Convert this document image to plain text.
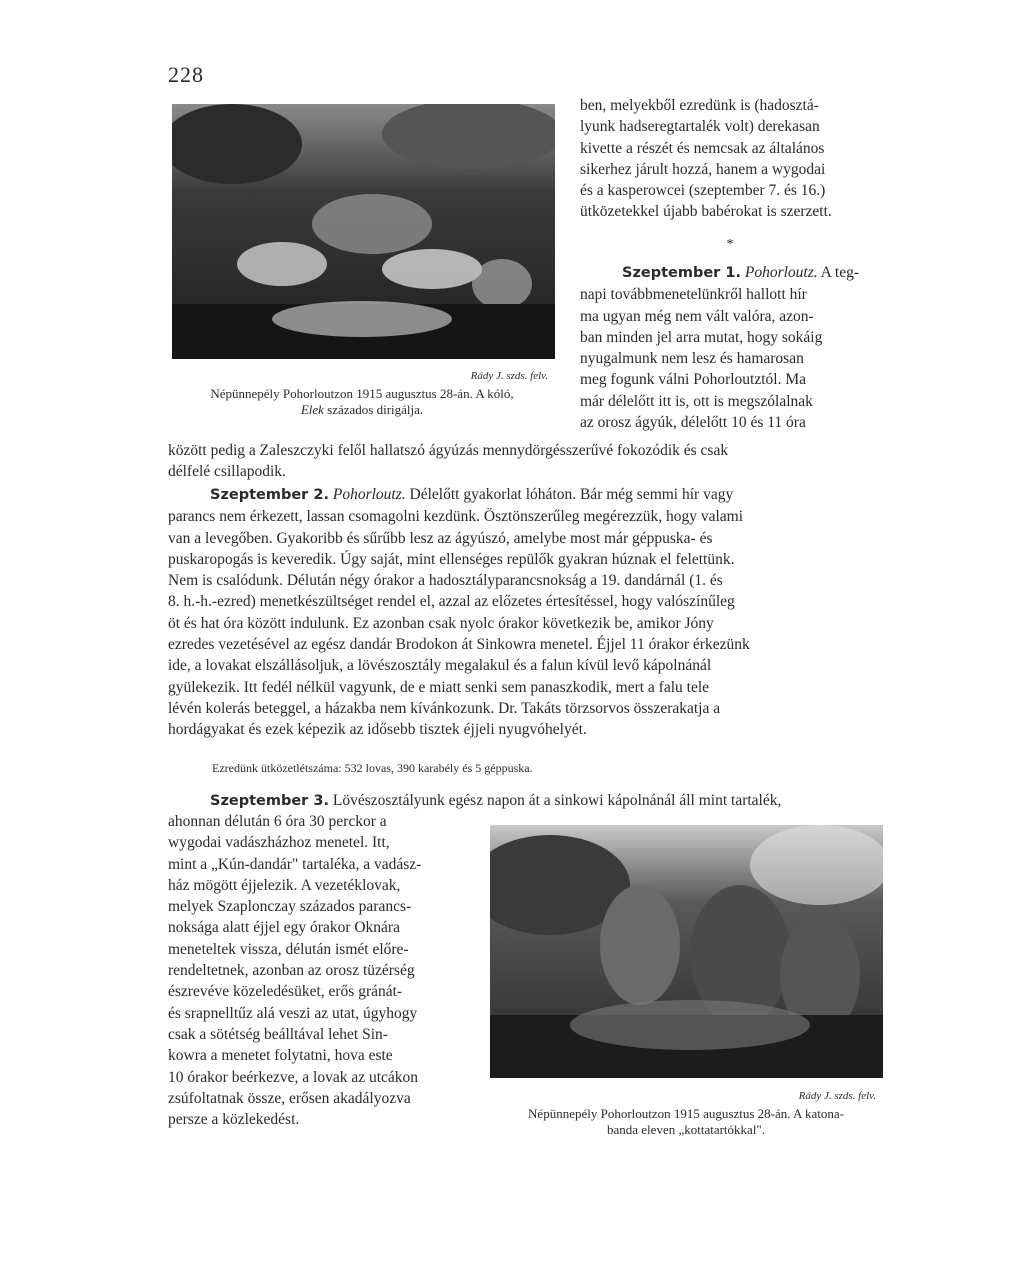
228
Rády J. szds. felv.
Népünnepély Pohorloutzon 1915 augusztus 28-án. A kóló,
Elek százados dirigálja.

ben, melyekből ezredünk is (hadosztá-

lyunk hadseregtartalék volt) derekasan

kivette a részét és nemcsak az általános

sikerhez járult hozzá, hanem a wygodai

és a kasperowcei (szeptember 7. és 16.)

ütközetekkel újabb babérokat is szerzett.

*

Szeptember 1. Pohorloutz. A teg-

napi továbbmenetelünkről hallott hír

ma ugyan még nem vált valóra, azon-

ban minden jel arra mutat, hogy sokáig

nyugalmunk nem lesz és hamarosan

meg fogunk válni Pohorloutztól. Ma

már délelőtt itt is, ott is megszólalnak

az orosz ágyúk, délelőtt 10 és 11 óra

között pedig a Zaleszczyki felől hallatszó ágyúzás mennydörgésszerűvé fokozódik és csak

délfelé csillapodik.

Szeptember 2. Pohorloutz. Délelőtt gyakorlat lóháton. Bár még semmi hír vagy

parancs nem érkezett, lassan csomagolni kezdünk. Ösztönszerűleg megérezzük, hogy valami

van a levegőben. Gyakoribb és sűrűbb lesz az ágyúszó, amelybe most már géppuska- és

puskaropogás is keveredik. Úgy saját, mint ellenséges repülők gyakran húznak el felettünk.

Nem is csalódunk. Délután négy órakor a hadosztályparancsnokság a 19. dandárnál (1. és

8. h.-h.-ezred) menetkészültséget rendel el, azzal az előzetes értesítéssel, hogy valószínűleg

öt és hat óra között indulunk. Ez azonban csak nyolc órakor következik be, amikor Jóny

ezredes vezetésével az egész dandár Brodokon át Sinkowra menetel. Éjjel 11 órakor érkezünk

ide, a lovakat elszállásoljuk, a lövészosztály megalakul és a falun kívül levő kápolnánál

gyülekezik. Itt fedél nélkül vagyunk, de e miatt senki sem panaszkodik, mert a falu tele

lévén kolerás beteggel, a házakba nem kívánkozunk. Dr. Takáts törzsorvos összerakatja a

hordágyakat és ezek képezik az idősebb tisztek éjjeli nyugvóhelyét.

Ezredünk ütközetlétszáma: 532 lovas, 390 karabély és 5 géppuska.

Szeptember 3. Lövészosztályunk egész napon át a sinkowi kápolnánál áll mint tartalék,

ahonnan délután 6 óra 30 perckor a

wygodai vadászházhoz menetel. Itt,

mint a „Kún-dandár" tartaléka, a vadász-

ház mögött éjjelezik. A vezetéklovak,

melyek Szaplonczay százados parancs-

noksága alatt éjjel egy órakor Oknára

meneteltek vissza, délután ismét előre-

rendeltetnek, azonban az orosz tüzérség

észrevéve közeledésüket, erős gránát-

és srapnelltűz alá veszi az utat, úgyhogy

csak a sötétség beálltával lehet Sin-

kowra a menetet folytatni, hova este

10 órakor beérkezve, a lovak az utcákon

zsúfoltatnak össze, erősen akadályozva

persze a közlekedést.

Rády J. szds. felv.
Népünnepély Pohorloutzon 1915 augusztus 28-án. A katona-
banda eleven „kottatartókkal".
